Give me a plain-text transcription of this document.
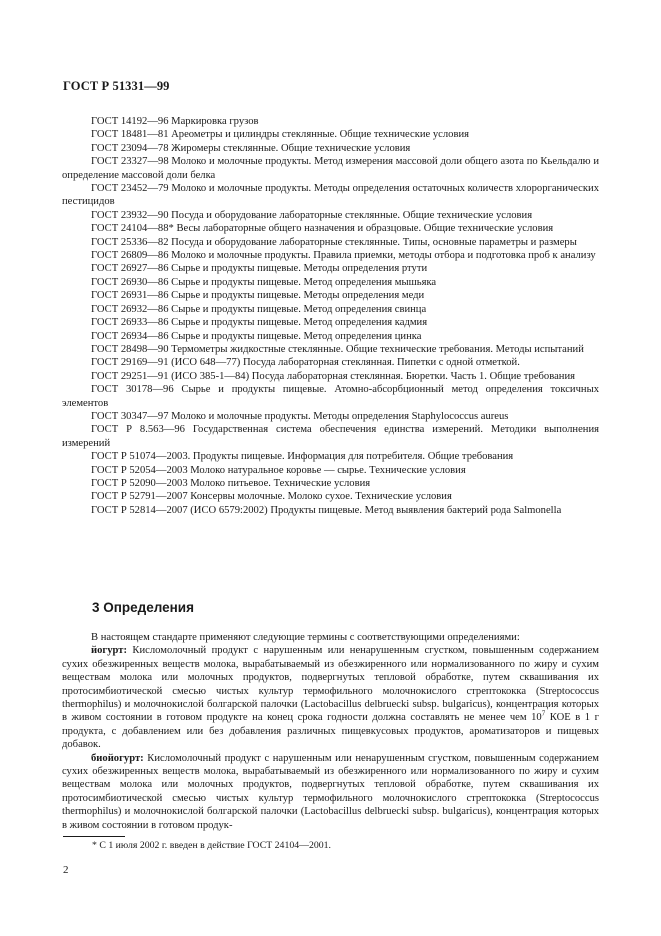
ГОСТ Р 51331—99

ГОСТ 14192—96 Маркировка грузов

ГОСТ 18481—81 Ареометры и цилиндры стеклянные. Общие технические условия

ГОСТ 23094—78 Жиромеры стеклянные. Общие технические условия

ГОСТ 23327—98 Молоко и молочные продукты. Метод измерения массовой доли общего азота по Кьельдалю и определение массовой доли белка

ГОСТ 23452—79 Молоко и молочные продукты. Методы определения остаточных количеств хлорорганических пестицидов

ГОСТ 23932—90 Посуда и оборудование лабораторные стеклянные. Общие технические условия

ГОСТ 24104—88* Весы лабораторные общего назначения и образцовые. Общие технические условия

ГОСТ 25336—82 Посуда и оборудование лабораторные стеклянные. Типы, основные параметры и размеры

ГОСТ 26809—86 Молоко и молочные продукты. Правила приемки, методы отбора и подготовка проб к анализу

ГОСТ 26927—86 Сырье и продукты пищевые. Методы определения ртути

ГОСТ 26930—86 Сырье и продукты пищевые. Метод определения мышьяка

ГОСТ 26931—86 Сырье и продукты пищевые. Методы определения меди

ГОСТ 26932—86 Сырье и продукты пищевые. Метод определения свинца

ГОСТ 26933—86 Сырье и продукты пищевые. Метод определения кадмия

ГОСТ 26934—86 Сырье и продукты пищевые. Метод определения цинка

ГОСТ 28498—90 Термометры жидкостные стеклянные. Общие технические требования. Методы испытаний

ГОСТ 29169—91 (ИСО 648—77) Посуда лабораторная стеклянная. Пипетки с одной отметкой.

ГОСТ 29251—91 (ИСО 385-1—84) Посуда лабораторная стеклянная. Бюретки. Часть 1. Общие требования

ГОСТ 30178—96 Сырье и продукты пищевые. Атомно-абсорбционный метод определения токсичных элементов

ГОСТ 30347—97 Молоко и молочные продукты. Методы определения Staphylococcus aureus

ГОСТ Р 8.563—96 Государственная система обеспечения единства измерений. Методики выполнения измерений

ГОСТ Р 51074—2003. Продукты пищевые. Информация для потребителя. Общие требования

ГОСТ Р 52054—2003 Молоко натуральное коровье — сырье. Технические условия

ГОСТ Р 52090—2003 Молоко питьевое. Технические условия

ГОСТ Р 52791—2007 Консервы молочные. Молоко сухое. Технические условия

ГОСТ Р 52814—2007 (ИСО 6579:2002) Продукты пищевые. Метод выявления бактерий рода Salmonella

3 Определения

В настоящем стандарте применяют следующие термины с соответствующими определениями:

йогурт: Кисломолочный продукт с нарушенным или ненарушенным сгустком, повышенным содержанием сухих обезжиренных веществ молока, вырабатываемый из обезжиренного или нормализованного по жиру и сухим веществам молока или молочных продуктов, подвергнутых тепловой обработке, путем сквашивания их протосимбиотической смесью чистых культур термофильного молочнокислого стрептококка (Streptococcus thermophilus) и молочнокислой болгарской палочки (Lactobacillus delbruecki subsp. bulgaricus), концентрация которых в живом состоянии в готовом продукте на конец срока годности должна составлять не менее чем $10^7$ КОЕ в 1 г продукта, с добавлением или без добавления различных пищевкусовых продуктов, ароматизаторов и пищевых добавок.

биойогурт: Кисломолочный продукт с нарушенным или ненарушенным сгустком, повышенным содержанием сухих обезжиренных веществ молока, вырабатываемый из обезжиренного или нормализованного по жиру и сухим веществам молока или молочных продуктов, подвергнутых тепловой обработке, путем сквашивания их протосимбиотической смесью чистых культур термофильного молочнокислого стрептококка (Streptococcus thermophilus) и молочнокислой болгарской палочки (Lactobacillus delbruecki subsp. bulgaricus), концентрация которых в живом состоянии в готовом продук-

* С 1 июля 2002 г. введен в действие ГОСТ 24104—2001.
2
